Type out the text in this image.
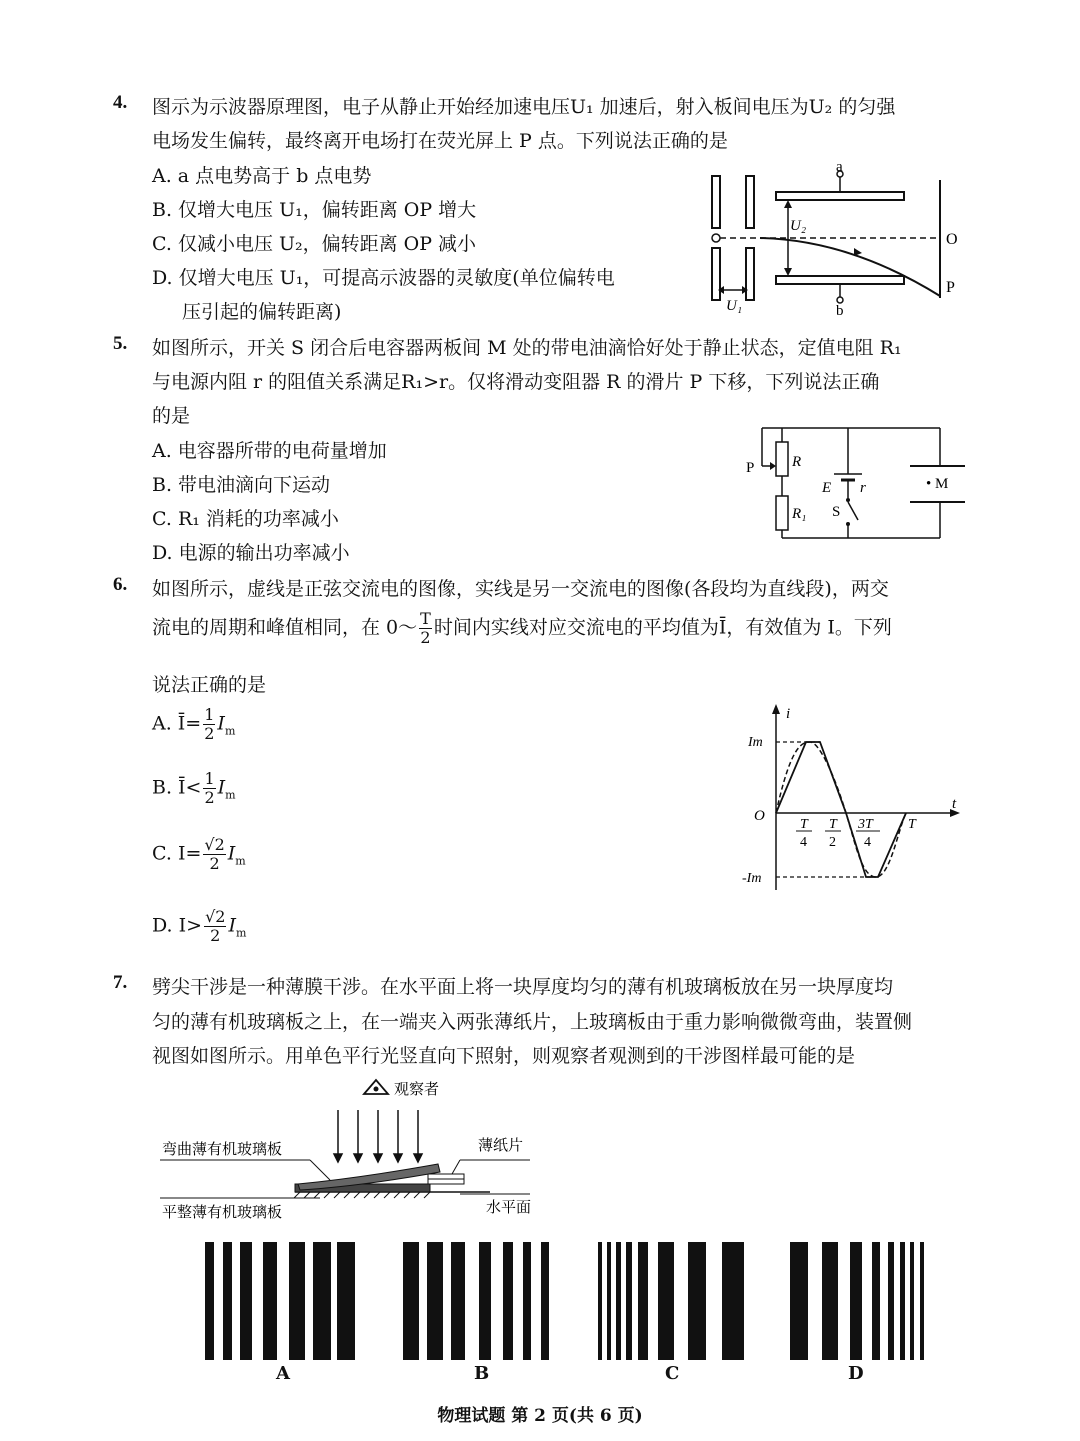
4. 图示为示波器原理图，电子从静止开始经加速电压U₁ 加速后，射入板间电压为U₂ 的匀强
电场发生偏转，最终离开电场打在荧光屏上 P 点。下列说法正确的是
A. a 点电势高于 b 点电势
B. 仅增大电压 U₁，偏转距离 OP 增大
C. 仅减小电压 U₂，偏转距离 OP 减小
D. 仅增大电压 U₁，可提高示波器的灵敏度(单位偏转电
压引起的偏转距离)
a
b
U₂
U₁
O
P
5. 如图所示，开关 S 闭合后电容器两板间 M 处的带电油滴恰好处于静止状态，定值电阻 R₁
与电源内阻 r 的阻值关系满足R₁>r。仅将滑动变阻器 R 的滑片 P 下移，下列说法正确
的是
A. 电容器所带的电荷量增加
B. 带电油滴向下运动
C. R₁ 消耗的功率减小
D. 电源的输出功率减小
P	R
R₁
E r
S
• M
6. 如图所示，虚线是正弦交流电的图像，实线是另一交流电的图像(各段均为直线段)，两交
流电的周期和峰值相同，在 0～ $\frac{T}{2}$ 时间内实线对应交流电的平均值为Ī，有效值为 I。下列
说法正确的是
A. Ī= $\frac{1}{2} I_m$
B. Ī< $\frac{1}{2} I_m$
C. $I= \frac{√2}{2} I_m$
D. $I> \frac{√2}{2} I_m$
i
t
O
Im
-Im
T
4
T
2
3T
4
T
7. 劈尖干涉是一种薄膜干涉。在水平面上将一块厚度均匀的薄有机玻璃板放在另一块厚度均
匀的薄有机玻璃板之上，在一端夹入两张薄纸片，上玻璃板由于重力影响微微弯曲，装置侧
视图如图所示。用单色平行光竖直向下照射，则观察者观测到的干涉图样最可能的是
观察者
弯曲薄有机玻璃板
平整薄有机玻璃板
薄纸片
水平面
A	B	C	D
物理试题 第 2 页(共 6 页)
